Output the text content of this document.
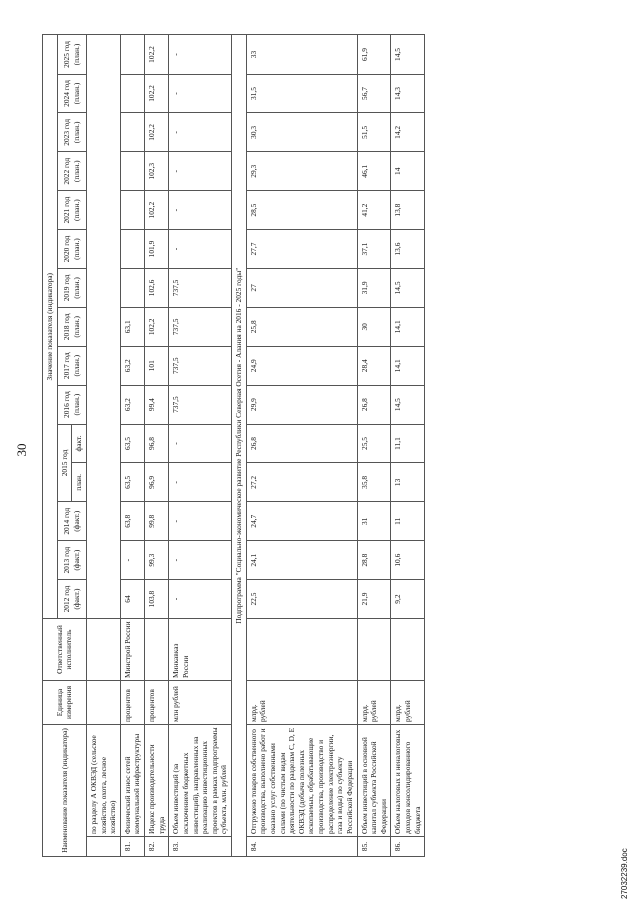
30
Наименование показателя (индикатора)		Единица измерения	Ответственный исполнитель	Значение показателя (индикатора)														
				2012 год (факт.)	2013 год (факт.)	2014 год (факт.)	2015 год		2016 год (план.)	2017 год (план.)	2018 год (план.)	2019 год (план.)	2020 год (план.)	2021 год (план.)	2022 год (план.)	2023 год (план.)	2024 год (план.)	2025 год (план.)
							план.	факт.										
	по разделу А ОКВЭД (сельское хозяйство, охота, лесное хозяйство)																	
81.	Физический износ сетей коммунальной инфраструктуры	процентов	Минстрой России	64	-	63,8	63,5	63,5	63,2	63,2	63,1							
82.	Индекс производительности труда	процентов		103,8	99,3	99,8	96,9	96,8	99,4	101	102,2	102,6	101,9	102,2	102,3	102,2	102,2	102,2
83.	Объем инвестиций (за исключением бюджетных инвестиций), направленных на реализацию инвестиционных проектов в рамках подпрограммы субъекта, млн. рублей	млн рублей	Минкавказ России	-	-	-	-	-	737,5	737,5	737,5	737,5	-	-	-	-	-	-
Подпрограмма "Социально-экономическое развитие Республики Северная Осетия - Алания на 2016 - 2025 годы"																		
84.	Отгружено товаров собственного производства, выполнено работ и оказано услуг собственными силами (по чистым видам деятельности по разделам C, D, E ОКВЭД (добыча полезных ископаемых, обрабатывающие производства, производство и распределение электроэнергии, газа и воды) по субъекту Российской Федерации	млрд. рублей		22,5	24,1	24,7	27,2	26,8	29,9	24,9	25,8	27	27,7	28,5	29,3	30,3	31,5	33
85.	Объем инвестиций в основной капитал субъекта Российской Федерации	млрд. рублей		21,9	28,8	31	35,8	25,5	26,8	28,4	30	31,9	37,1	41,2	46,1	51,5	56,7	61,9
86.	Объем налоговых и неналоговых доходов консолидированного бюджета	млрд. рублей		9,2	10,6	11	13	11,1	14,5	14,1	14,1	14,5	13,6	13,8	14	14,2	14,3	14,5
27032239.doc
